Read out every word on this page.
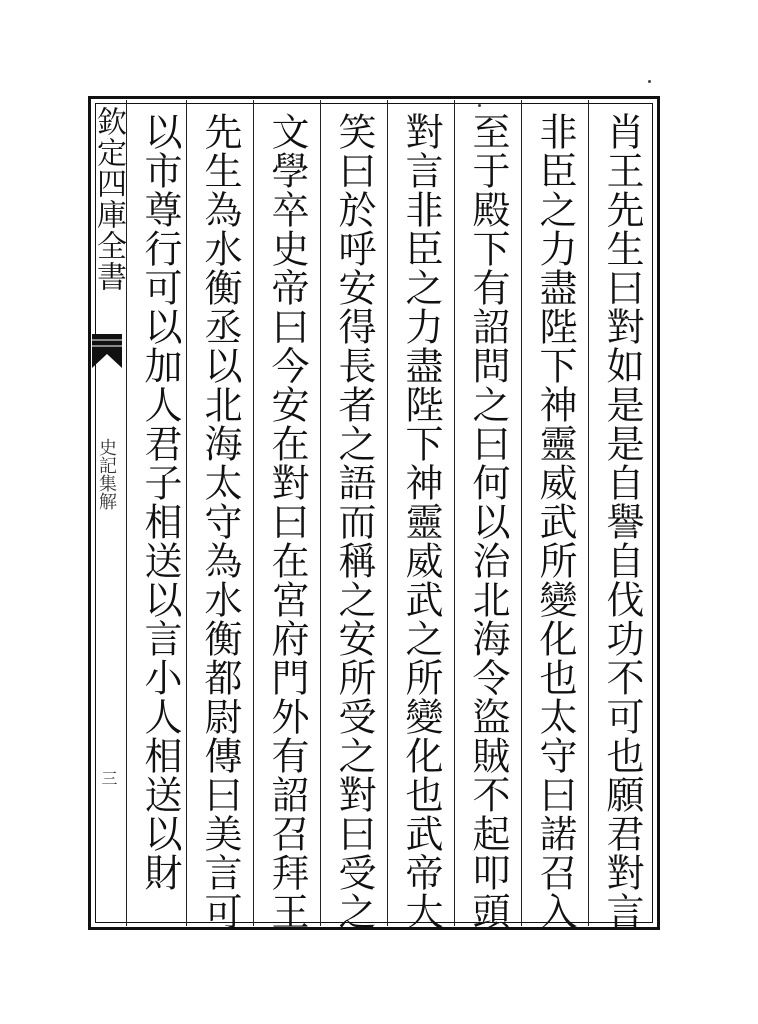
欽定四庫全書
史記集解
三	肖王先生曰對如是是自譽自伐功不可也願君對言
非臣之力盡陛下神靈威武所變化也太守曰諾召入
至于殿下有詔問之曰何以治北海令盜賊不起叩頭
對言非臣之力盡陛下神靈威武之所變化也武帝大
笑曰於呼安得長者之語而稱之安所受之對曰受之
文學卒史帝曰今安在對曰在宮府門外有詔召拜王
先生為水衡丞以北海太守為水衡都尉傳曰美言可
以市尊行可以加人君子相送以言小人相送以財
